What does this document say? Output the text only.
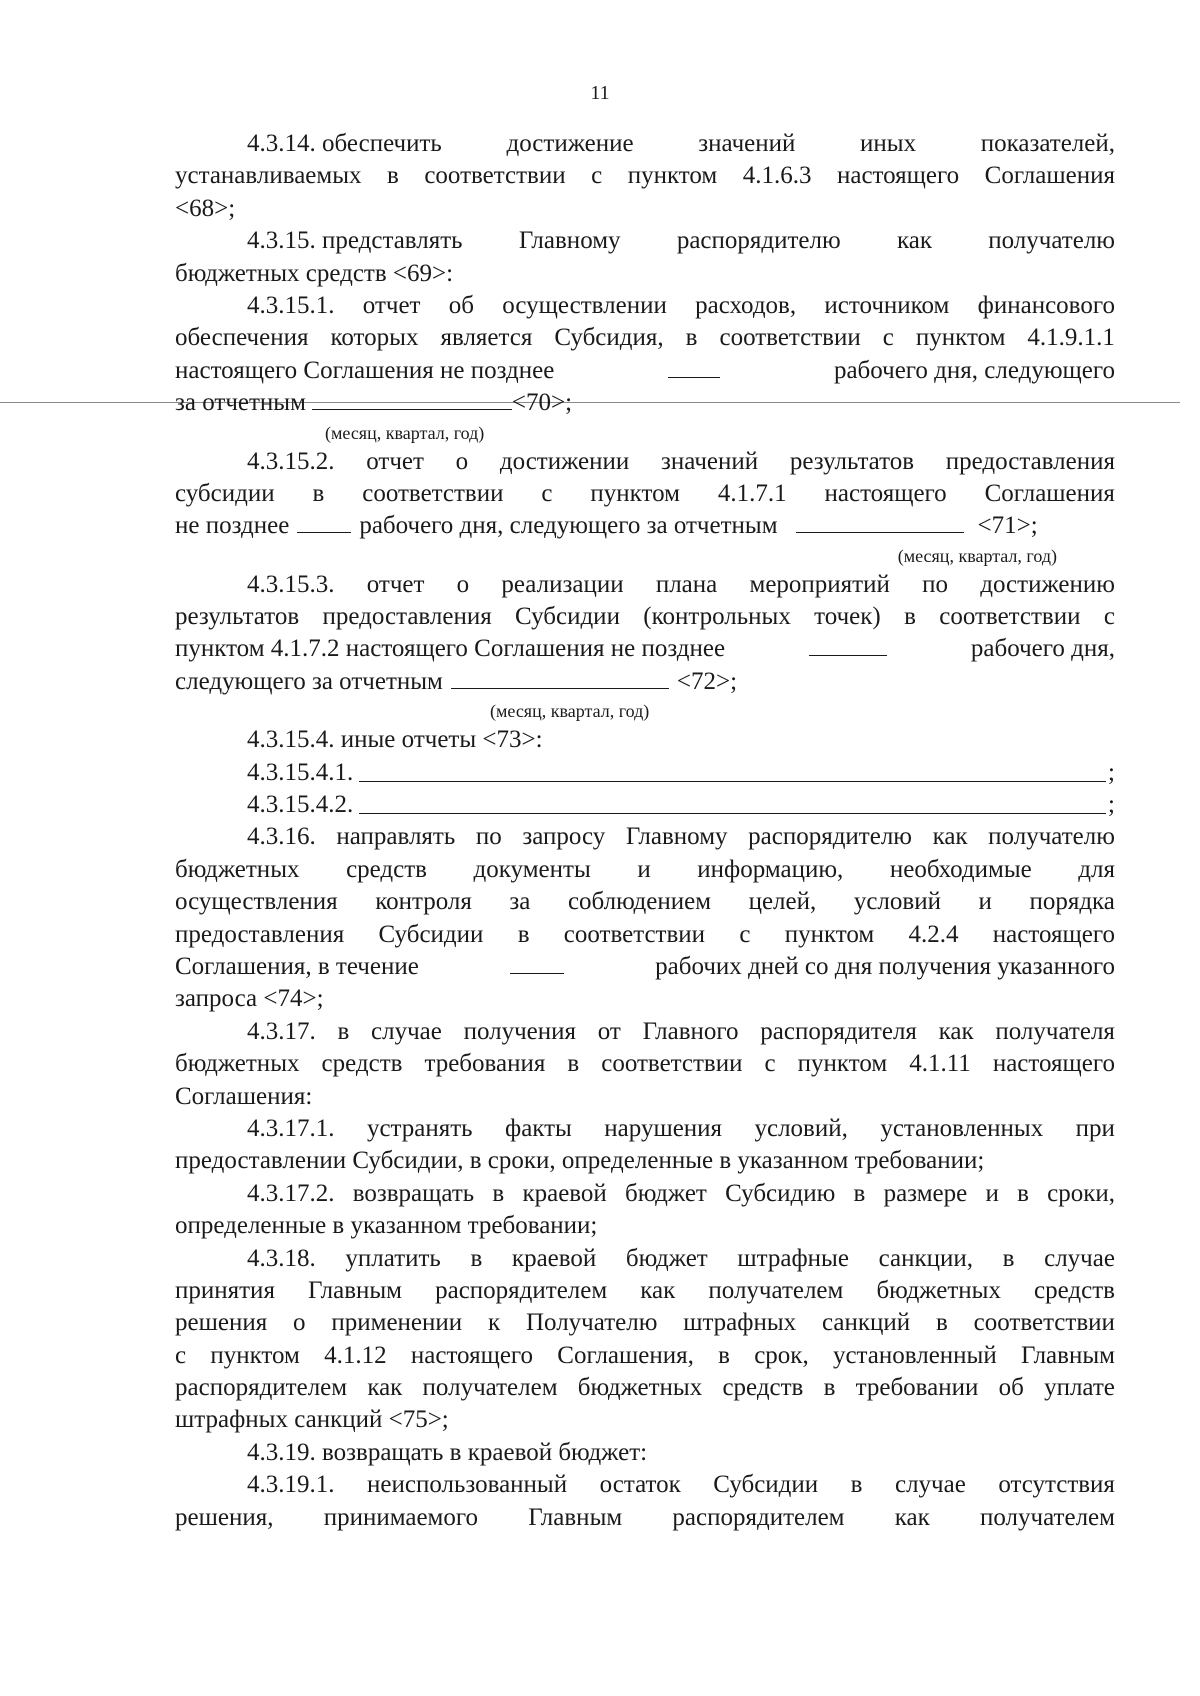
11
4.3.14. обеспечить	достижение	значений	иных	показателей,
устанавливаемых в соответствии с пунктом 4.1.6.3 настоящего Соглашения
<68>;
4.3.15. представлять Главному распорядителю как получателю
бюджетных средств <69>:
4.3.15.1. отчет об осуществлении расходов, источником финансового
обеспечения которых является Субсидия, в соответствии с пунктом 4.1.9.1.1
настоящего Соглашения не позднее	рабочего дня, следующего
за отчетным	<70>;
(месяц, квартал, год)
4.3.15.2. отчет о достижении значений результатов предоставления
субсидии в соответствии с пунктом 4.1.7.1 настоящего Соглашения
не позднее	рабочего дня, следующего за отчетным	<71>;
(месяц, квартал, год)
4.3.15.3. отчет о реализации плана мероприятий по достижению
результатов предоставления Субсидии (контрольных точек) в соответствии с
пунктом 4.1.7.2 настоящего Соглашения не позднее	рабочего дня,
следующего за отчетным	<72>;
(месяц, квартал, год)
4.3.15.4. иные отчеты <73>:
4.3.15.4.1.	;
4.3.15.4.2.	;
4.3.16. направлять по запросу Главному распорядителю как получателю
бюджетных средств документы и информацию, необходимые для
осуществления контроля за соблюдением целей, условий и порядка
предоставления Субсидии в соответствии с пунктом 4.2.4 настоящего
Соглашения, в течение	рабочих дней со дня получения указанного
запроса <74>;
4.3.17. в случае получения от Главного распорядителя как получателя
бюджетных средств требования в соответствии с пунктом 4.1.11 настоящего
Соглашения:
4.3.17.1. устранять факты нарушения условий, установленных при
предоставлении Субсидии, в сроки, определенные в указанном требовании;
4.3.17.2. возвращать в краевой бюджет Субсидию в размере и в сроки,
определенные в указанном требовании;
4.3.18. уплатить в краевой бюджет штрафные санкции, в случае
принятия Главным распорядителем как получателем бюджетных средств
решения о применении к Получателю штрафных санкций в соответствии
с пунктом 4.1.12 настоящего Соглашения, в срок, установленный Главным
распорядителем как получателем бюджетных средств в требовании об уплате
штрафных санкций <75>;
4.3.19. возвращать в краевой бюджет:
4.3.19.1. неиспользованный остаток Субсидии в случае отсутствия
решения, принимаемого Главным распорядителем как получателем
